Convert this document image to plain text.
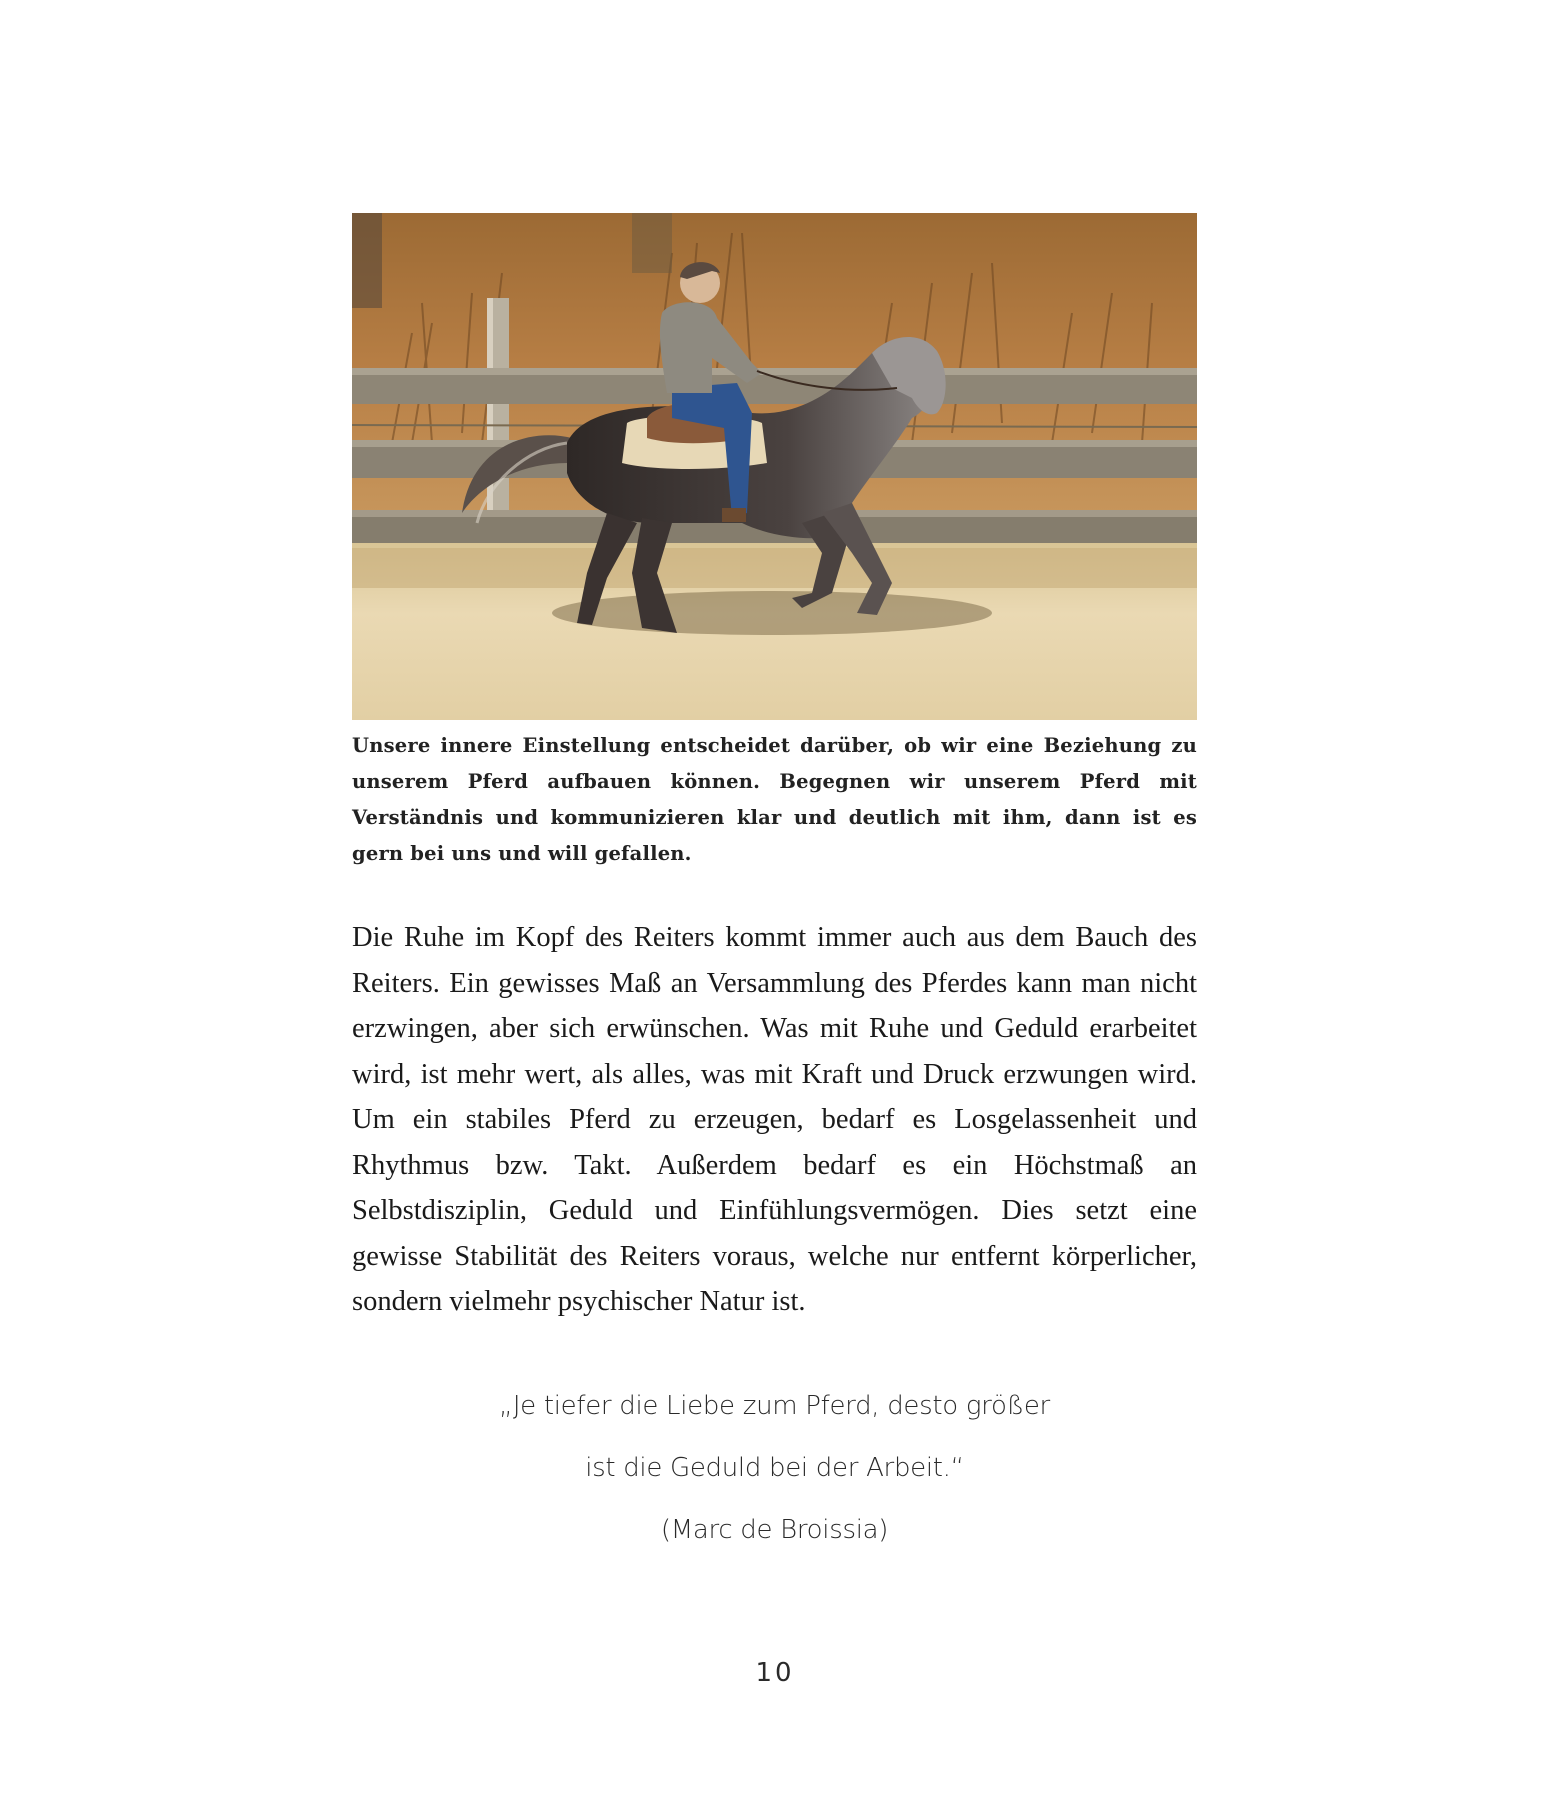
Unsere innere Einstellung entscheidet darüber, ob wir eine Beziehung zu unserem Pferd aufbauen können. Begegnen wir unserem Pferd mit Verständnis und kommunizieren klar und deutlich mit ihm, dann ist es gern bei uns und will gefallen.

Die Ruhe im Kopf des Reiters kommt immer auch aus dem Bauch des Reiters. Ein gewisses Maß an Versammlung des Pferdes kann man nicht erzwingen, aber sich erwünschen. Was mit Ruhe und Geduld erarbeitet wird, ist mehr wert, als alles, was mit Kraft und Druck erzwungen wird. Um ein stabiles Pferd zu erzeugen, bedarf es Losgelassenheit und Rhythmus bzw. Takt. Außerdem bedarf es ein Höchstmaß an Selbstdisziplin, Geduld und Einfühlungsvermögen. Dies setzt eine gewisse Stabilität des Reiters voraus, welche nur entfernt körperlicher, sondern vielmehr psychischer Natur ist.

„Je tiefer die Liebe zum Pferd, desto größer
ist die Geduld bei der Arbeit.“
(Marc de Broissia)
10
